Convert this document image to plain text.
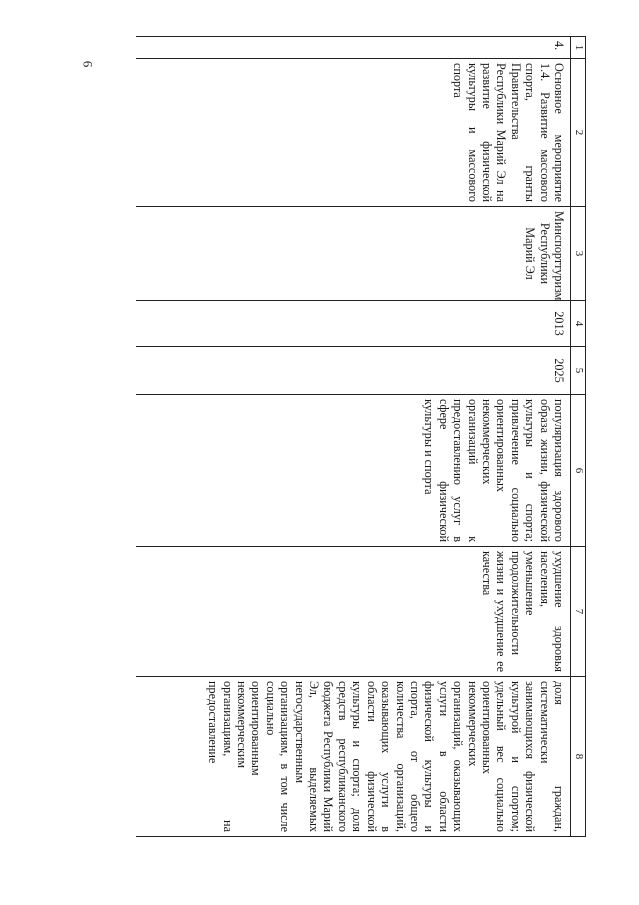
6
1	2	3	4	5	6	7	8
4.	Основное мероприятие 1.4. Развитие массового спорта, гранты Правительства Республики Марий Эл на развитие физической культуры и массового спорта	Минспорттуризм Республики Марий Эл	2013	2025	популяризация здорового образа жизни, физической культуры и спорта; привлечение социально ориентированных некоммерческих организаций к предоставлению услуг в сфере физической культуры и спорта	ухудшение здоровья населения, уменьшение продолжительности жизни и ухудшение ее качества	доля граждан, систематически занимающихся физической культурой и спортом; удельный вес социально ориентированных некоммерческих организаций, оказывающих услуги в области физической культуры и спорта, от общего количества организаций, оказывающих услуги в области физической культуры и спорта; доля средств республиканского бюджета Республики Марий Эл, выделяемых негосударственным организациям, в том числе социально ориентированным некоммерческим организациям, на предоставление
